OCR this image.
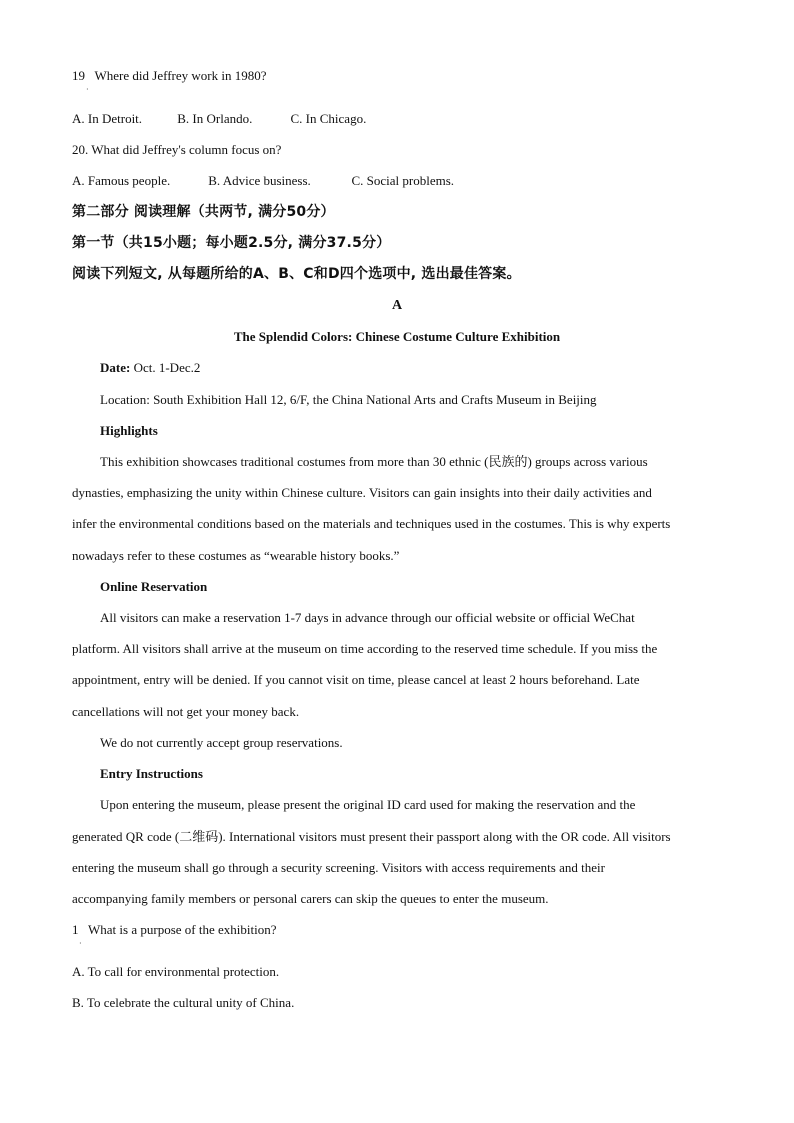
19 Where did Jeffrey work in 1980?
·
A. In Detroit.	B. In Orlando.	C. In Chicago.
20. What did Jeffrey's column focus on?
A. Famous people.	B. Advice business.	C. Social problems.
第二部分 阅读理解（共两节, 满分50分）
第一节（共15小题；每小题2.5分, 满分37.5分）
阅读下列短文, 从每题所给的A、B、C和D四个选项中, 选出最佳答案。
A
The Splendid Colors: Chinese Costume Culture Exhibition
Date: Oct. 1-Dec.2
Location: South Exhibition Hall 12, 6/F, the China National Arts and Crafts Museum in Beijing
Highlights
This exhibition showcases traditional costumes from more than 30 ethnic (民族的) groups across various
dynasties, emphasizing the unity within Chinese culture. Visitors can gain insights into their daily activities and
infer the environmental conditions based on the materials and techniques used in the costumes. This is why experts
nowadays refer to these costumes as “wearable history books.”
Online Reservation
All visitors can make a reservation 1-7 days in advance through our official website or official WeChat
platform. All visitors shall arrive at the museum on time according to the reserved time schedule. If you miss the
appointment, entry will be denied. If you cannot visit on time, please cancel at least 2 hours beforehand. Late
cancellations will not get your money back.
We do not currently accept group reservations.
Entry Instructions
Upon entering the museum, please present the original ID card used for making the reservation and the
generated QR code (二维码). International visitors must present their passport along with the OR code. All visitors
entering the museum shall go through a security screening. Visitors with access requirements and their
accompanying family members or personal carers can skip the queues to enter the museum.
1 What is a purpose of the exhibition?
·
A. To call for environmental protection.
B. To celebrate the cultural unity of China.
